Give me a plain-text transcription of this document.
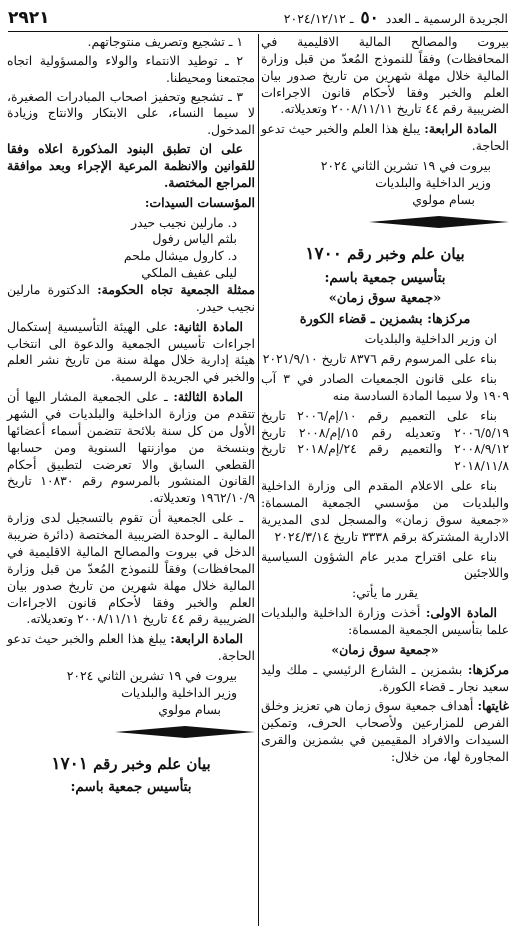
الجريدة الرسمية ـ العدد ٥٠ ـ ٢٠٢٤/١٢/١٢
٢٩٢١

بيروت والمصالح المالية الاقليمية في المحافظات) وفقاً للنموذج المُعدّ من قبل وزارة المالية خلال مهلة شهرين من تاريخ صدور بيان العلم والخبر وفقا لأحكام قانون الاجراءات الضريبية رقم ٤٤ تاريخ ٢٠٠٨/١١/١١ وتعديلاته.

المادة الرابعة: يبلغ هذا العلم والخبر حيث تدعو الحاجة.

بيروت في ١٩ تشرين الثاني ٢٠٢٤

وزير الداخلية والبلديات

بسام مولوي

بيان علم وخبر رقم ١٧٠٠
بتأسيس جمعية باسم:
«جمعية سوق زمان»
مركزها: بشمزين ـ قضاء الكورة

ان وزير الداخلية والبلديات

بناء على المرسوم رقم ٨٣٧٦ تاريخ ٢٠٢١/٩/١٠

بناء على قانون الجمعيات الصادر في ٣ آب ١٩٠٩ ولا سيما المادة السادسة منه

بناء على التعميم رقم ١٠/إم/٢٠٠٦ تاريخ ٢٠٠٦/٥/١٩ وتعديله رقم ١٥/إم/٢٠٠٨ تاريخ ٢٠٠٨/٩/١٢ والتعميم رقم ٢٤/إم/٢٠١٨ تاريخ ٢٠١٨/١١/٨

بناء على الاعلام المقدم الى وزارة الداخلية والبلديات من مؤسسي الجمعية المسماة: «جمعية سوق زمان» والمسجل لدى المديرية الادارية المشتركة برقم ٣٣٣٨ تاريخ ٢٠٢٤/٣/١٤

بناء على اقتراح مدير عام الشؤون السياسية واللاجئين

يقرر ما يأتي:

المادة الاولى: أخذت وزارة الداخلية والبلديات علما بتأسيس الجمعية المسماة:

«جمعية سوق زمان»

مركزها: بشمزين ـ الشارع الرئيسي ـ ملك وليد سعيد نجار ـ قضاء الكورة.

غايتها: أهداف جمعية سوق زمان هي تعزيز وخلق الفرص للمزارعين ولأصحاب الحرف، وتمكين السيدات والافراد المقيمين في بشمزين والقرى المجاورة لها، من خلال:

١ ـ تشجيع وتصريف منتوجاتهم.

٢ ـ توطيد الانتماء والولاء والمسؤولية اتجاه مجتمعنا ومحيطنا.

٣ ـ تشجيع وتحفيز اصحاب المبادرات الصغيرة، لا سيما النساء، على الابتكار والانتاج وزيادة المدخول.

على ان تطبق البنود المذكورة اعلاه وفقا للقوانين والانظمة المرعية الإجراء وبعد موافقة المراجع المختصة.

المؤسسات السيدات:

د. مارلين نجيب حيدر

بلثم الياس رفول

د. كارول ميشال ملحم

ليلى عفيف الملكي

ممثلة الجمعية تجاه الحكومة: الدكتورة مارلين نجيب حيدر.

المادة الثانية: على الهيئة التأسيسية إستكمال اجراءات تأسيس الجمعية والدعوة الى انتخاب هيئة إدارية خلال مهلة سنة من تاريخ نشر العلم والخبر في الجريدة الرسمية.

المادة الثالثة: ـ على الجمعية المشار اليها أن تتقدم من وزارة الداخلية والبلديات في الشهر الأول من كل سنة بلائحة تتضمن أسماء أعضائها وبنسخة من موازنتها السنوية ومن حسابها القطعي السابق والا تعرضت لتطبيق أحكام القانون المنشور بالمرسوم رقم ١٠٨٣٠ تاريخ ١٩٦٢/١٠/٩ وتعديلاته.

ـ على الجمعية أن تقوم بالتسجيل لدى وزارة المالية ـ الوحدة الضريبية المختصة (دائرة ضريبة الدخل في بيروت والمصالح المالية الاقليمية في المحافظات) وفقاً للنموذج المُعدّ من قبل وزارة المالية خلال مهلة شهرين من تاريخ صدور بيان العلم والخبر وفقا لأحكام قانون الاجراءات الضريبية رقم ٤٤ تاريخ ٢٠٠٨/١١/١١ وتعديلاته.

المادة الرابعة: يبلغ هذا العلم والخبر حيث تدعو الحاجة.

بيروت في ١٩ تشرين الثاني ٢٠٢٤

وزير الداخلية والبلديات

بسام مولوي

بيان علم وخبر رقم ١٧٠١
بتأسيس جمعية باسم:
